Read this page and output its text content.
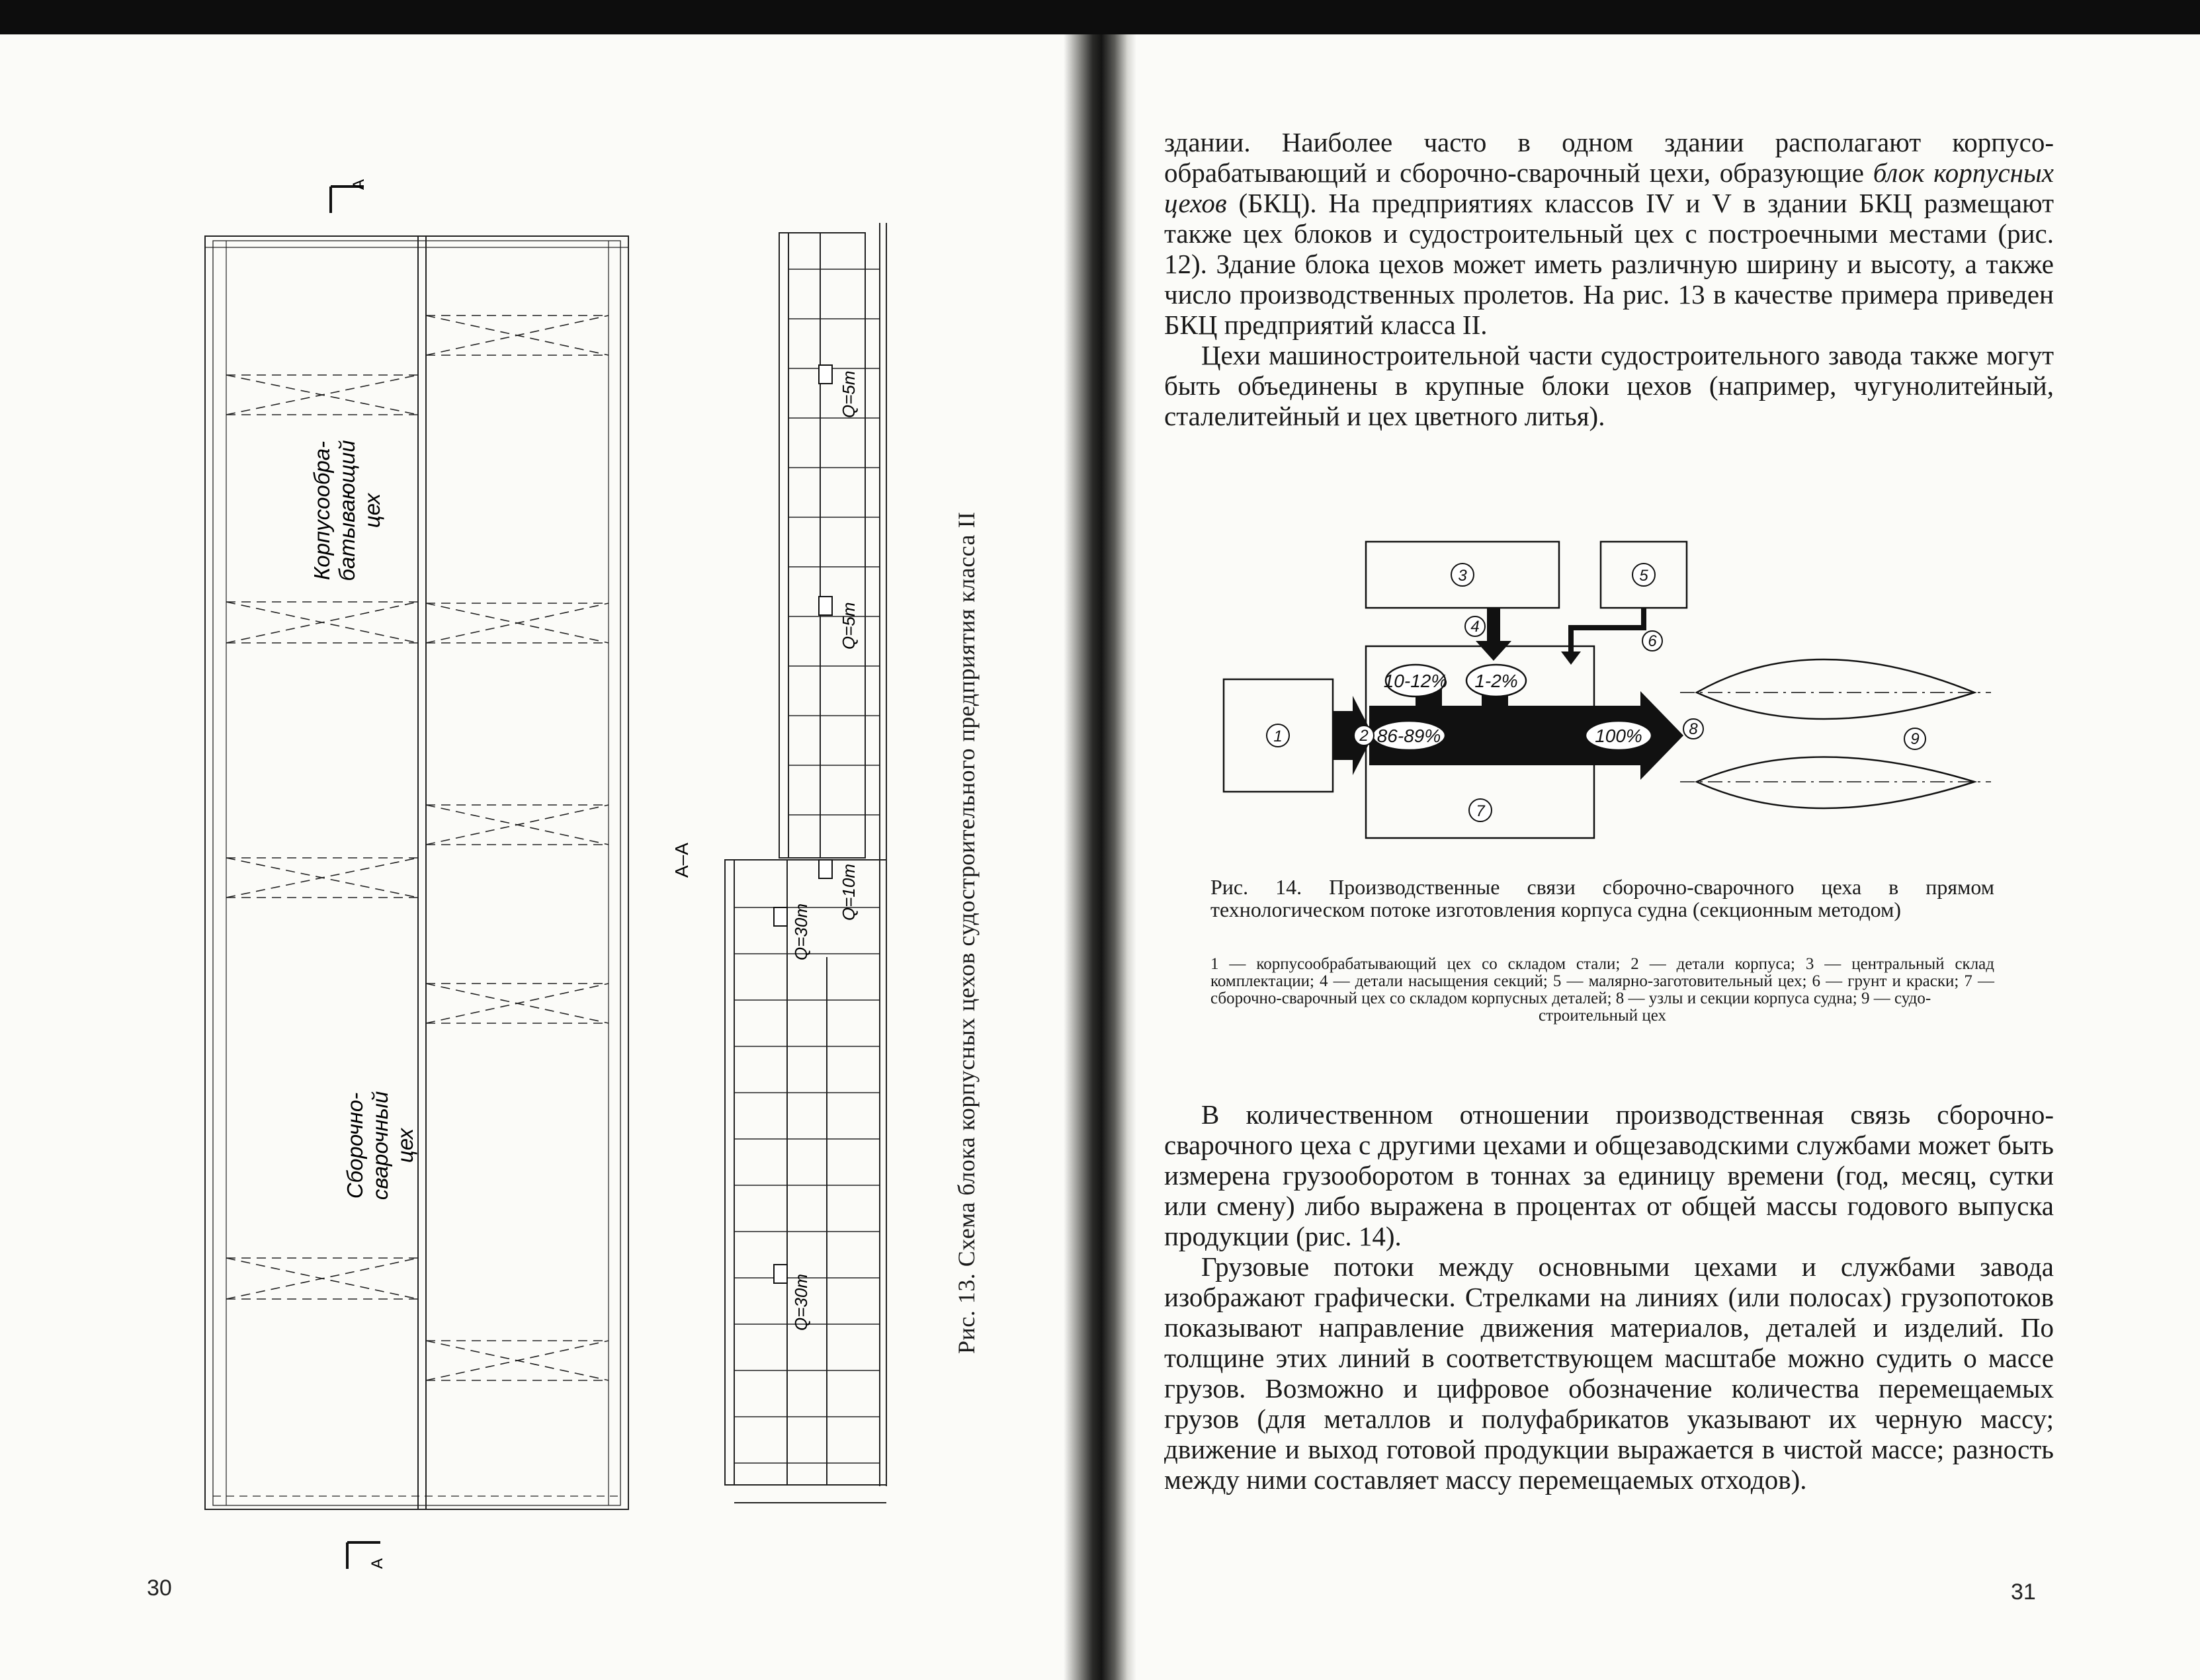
А
А
Корпусообра- батывающий цех
Сборочно- сварочный цех
Q=5т
Q=5т
Q=30т
Q=10т
Q=30т
А–А	Рис. 13. Схема блока корпусных цехов судостроительного предприятия класса II
30

здании. Наиболее часто в одном здании располагают корпусо-обрабатывающий и сборочно-сварочный цехи, образующие блок корпусных цехов (БКЦ). На предприятиях классов IV и V в здании БКЦ размещают также цех блоков и судостроительный цех с построечными местами (рис. 12). Здание блока цехов может иметь различную ширину и высоту, а также число производственных пролетов. На рис. 13 в качестве примера приведен БКЦ предприятий класса II.

Цехи машиностроительной части судостроительного завода также могут быть объединены в крупные блоки цехов (например, чугунолитейный, сталелитейный и цех цветного литья).

10-12% 1-2%
86-89%	100%
1	2
3
4
5
6
7
8
9
Рис. 14. Производственные связи сборочно-сварочного цеха в прямом технологическом потоке изготовления корпуса судна (секционным методом)
1 — корпусообрабатывающий цех со складом стали; 2 — детали корпуса; 3 — центральный склад комплектации; 4 — детали насыщения секций; 5 — малярно-заготовительный цех; 6 — грунт и краски; 7 — сборочно-сварочный цех со складом корпусных деталей; 8 — узлы и секции корпуса судна; 9 — судо-
строительный цех

В количественном отношении производственная связь сборочно-сварочного цеха с другими цехами и общезаводскими службами может быть измерена грузооборотом в тоннах за единицу времени (год, месяц, сутки или смену) либо выражена в процентах от общей массы годового выпуска продукции (рис. 14).

Грузовые потоки между основными цехами и службами завода изображают графически. Стрелками на линиях (или полосах) грузопотоков показывают направление движения материалов, деталей и изделий. По толщине этих линий в соответствующем масштабе можно судить о массе грузов. Возможно и цифровое обозначение количества перемещаемых грузов (для металлов и полуфабрикатов указывают их черную массу; движение и выход готовой продукции выражается в чистой массе; разность между ними составляет массу перемещаемых отходов).

31
